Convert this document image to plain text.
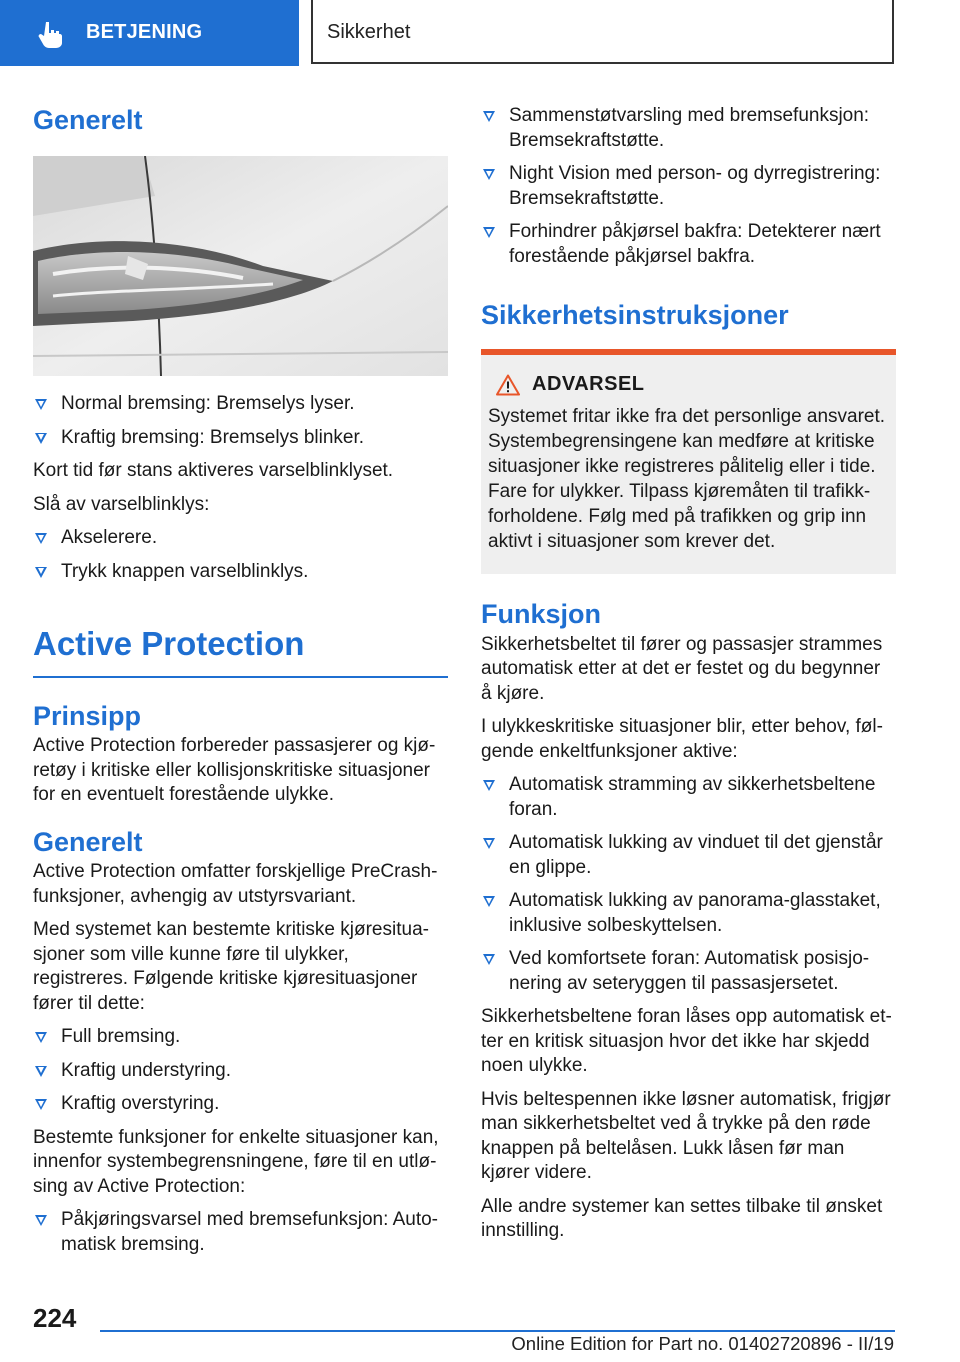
BETJENING	Sikkerhet
Generelt
Normal bremsing: Bremselys lyser.
Kraftig bremsing: Bremselys blinker.

Kort tid før stans aktiveres varselblinklyset.

Slå av varselblinklys:

Akselerere.
Trykk knappen varselblinklys.
Active Protection
Prinsipp

Active Protection forbereder passasjerer og kjø-retøy i kritiske eller kollisjonskritiske situasjoner for en eventuelt forestående ulykke.

Generelt

Active Protection omfatter forskjellige PreCrash-funksjoner, avhengig av utstyrsvariant.

Med systemet kan bestemte kritiske kjøresitua-sjoner som ville kunne føre til ulykker, registreres. Følgende kritiske kjøresituasjoner fører til dette:

Full bremsing.
Kraftig understyring.
Kraftig overstyring.

Bestemte funksjoner for enkelte situasjoner kan, innenfor systembegrensningene, føre til en utlø-sing av Active Protection:

Påkjøringsvarsel med bremsefunksjon: Auto-matisk bremsing.
Sammenstøtvarsling med bremsefunksjon: Bremsekraftstøtte.
Night Vision med person- og dyrregistrering: Bremsekraftstøtte.
Forhindrer påkjørsel bakfra: Detekterer nært forestående påkjørsel bakfra.
Sikkerhetsinstruksjoner
ADVARSEL

Systemet fritar ikke fra det personlige ansvaret. Systembegrensingene kan medføre at kritiske situasjoner ikke registreres pålitelig eller i tide. Fare for ulykker. Tilpass kjøremåten til trafikk-forholdene. Følg med på trafikken og grip inn aktivt i situasjoner som krever det.

Funksjon

Sikkerhetsbeltet til fører og passasjer strammes automatisk etter at det er festet og du begynner å kjøre.

I ulykkeskritiske situasjoner blir, etter behov, føl-gende enkeltfunksjoner aktive:

Automatisk stramming av sikkerhetsbeltene foran.
Automatisk lukking av vinduet til det gjenstår en glippe.
Automatisk lukking av panorama-glasstaket, inklusive solbeskyttelsen.
Ved komfortsete foran: Automatisk posisjo-nering av seteryggen til passasjersetet.

Sikkerhetsbeltene foran låses opp automatisk et-ter en kritisk situasjon hvor det ikke har skjedd noen ulykke.

Hvis beltespennen ikke løsner automatisk, frigjør man sikkerhetsbeltet ved å trykke på den røde knappen på beltelåsen. Lukk låsen før man kjører videre.

Alle andre systemer kan settes tilbake til ønsket innstilling.

224
Online Edition for Part no. 01402720896 - II/19
